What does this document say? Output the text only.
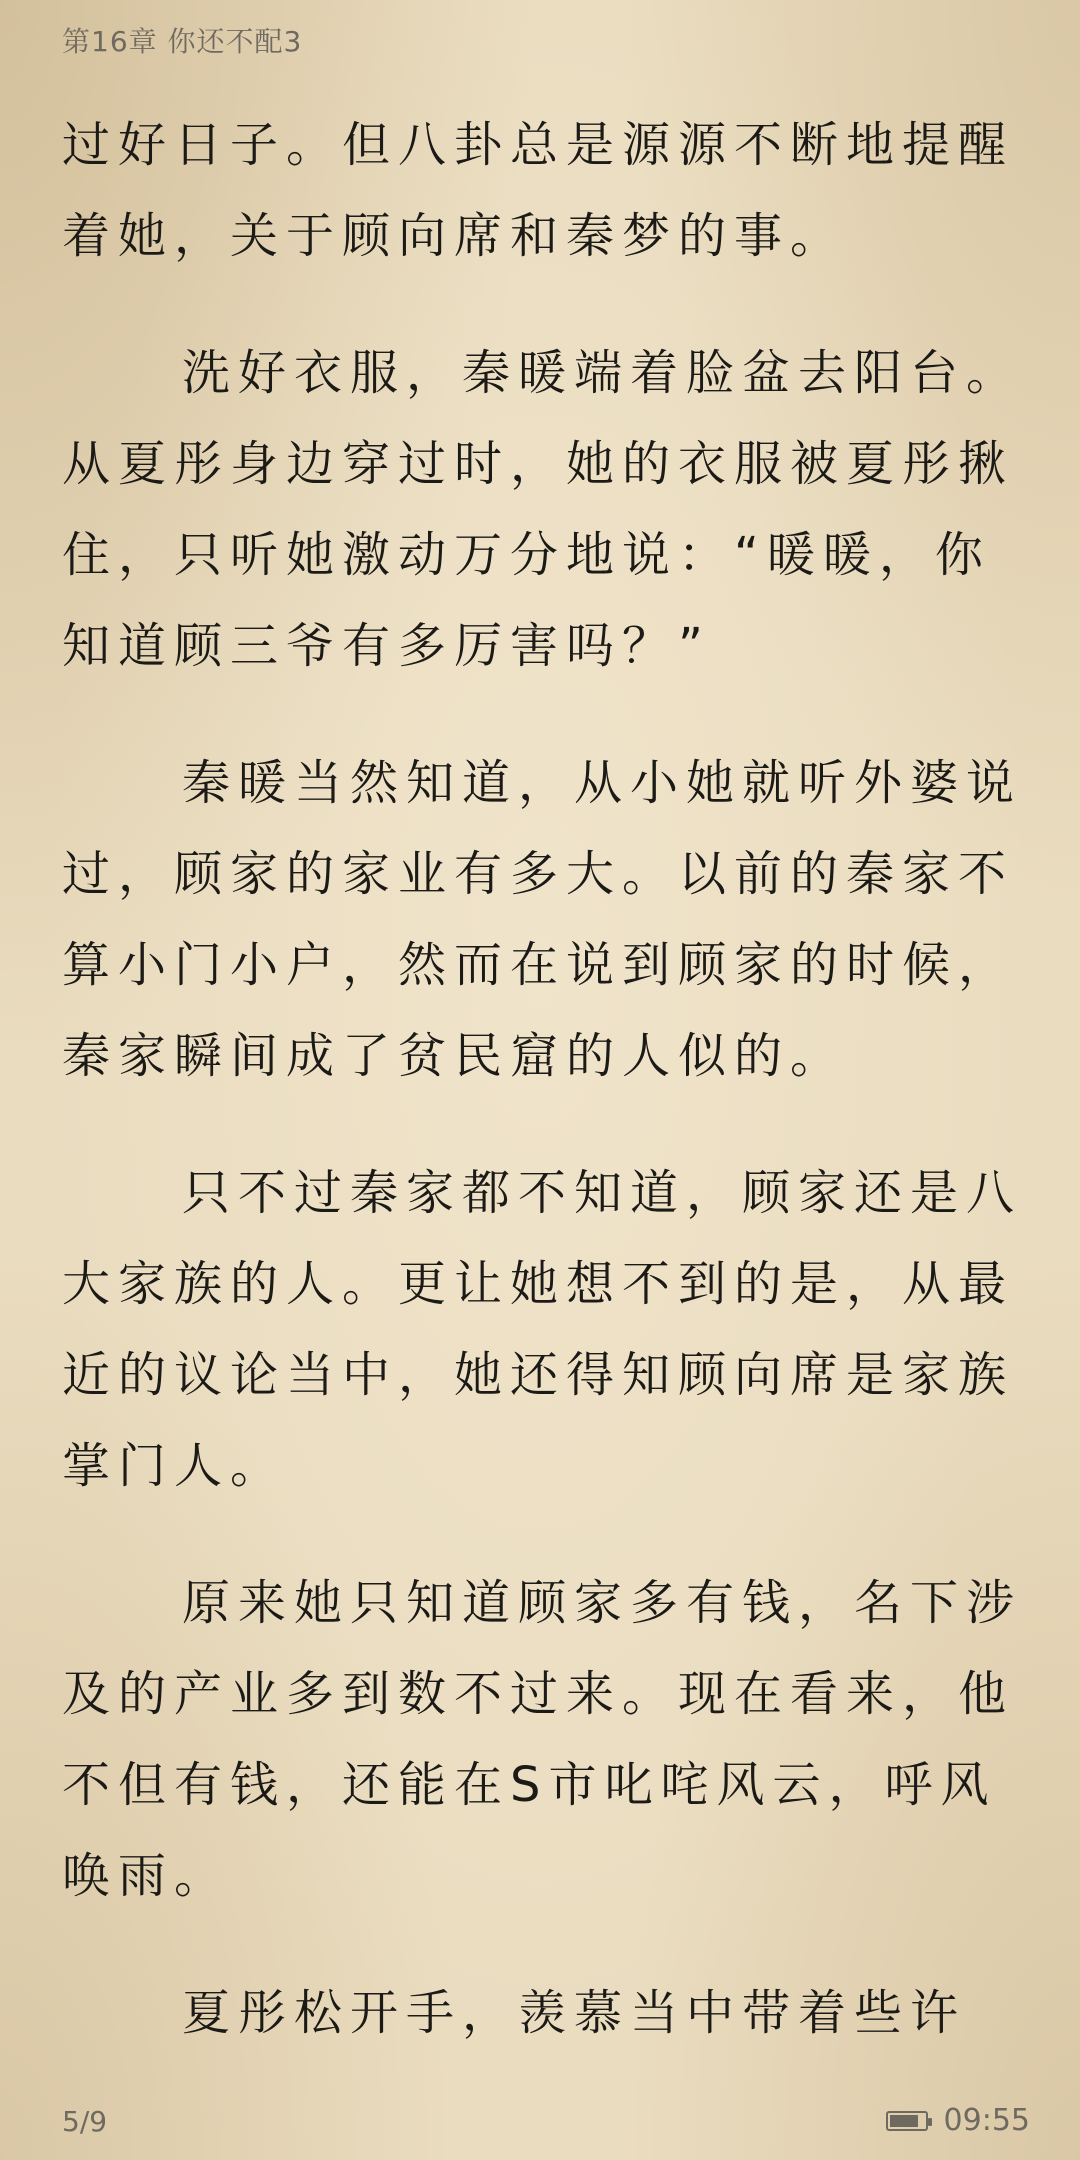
第16章 你还不配3

过好日子。但八卦总是源源不断地提醒着她，关于顾向席和秦梦的事。

洗好衣服，秦暖端着脸盆去阳台。从夏彤身边穿过时，她的衣服被夏彤揪住，只听她激动万分地说：“暖暖，你知道顾三爷有多厉害吗？”

秦暖当然知道，从小她就听外婆说过，顾家的家业有多大。以前的秦家不算小门小户，然而在说到顾家的时候，秦家瞬间成了贫民窟的人似的。

只不过秦家都不知道，顾家还是八大家族的人。更让她想不到的是，从最近的议论当中，她还得知顾向席是家族掌门人。

原来她只知道顾家多有钱，名下涉及的产业多到数不过来。现在看来，他不但有钱，还能在S市叱咤风云，呼风唤雨。

夏彤松开手，羡慕当中带着些许

5/9	09:55
